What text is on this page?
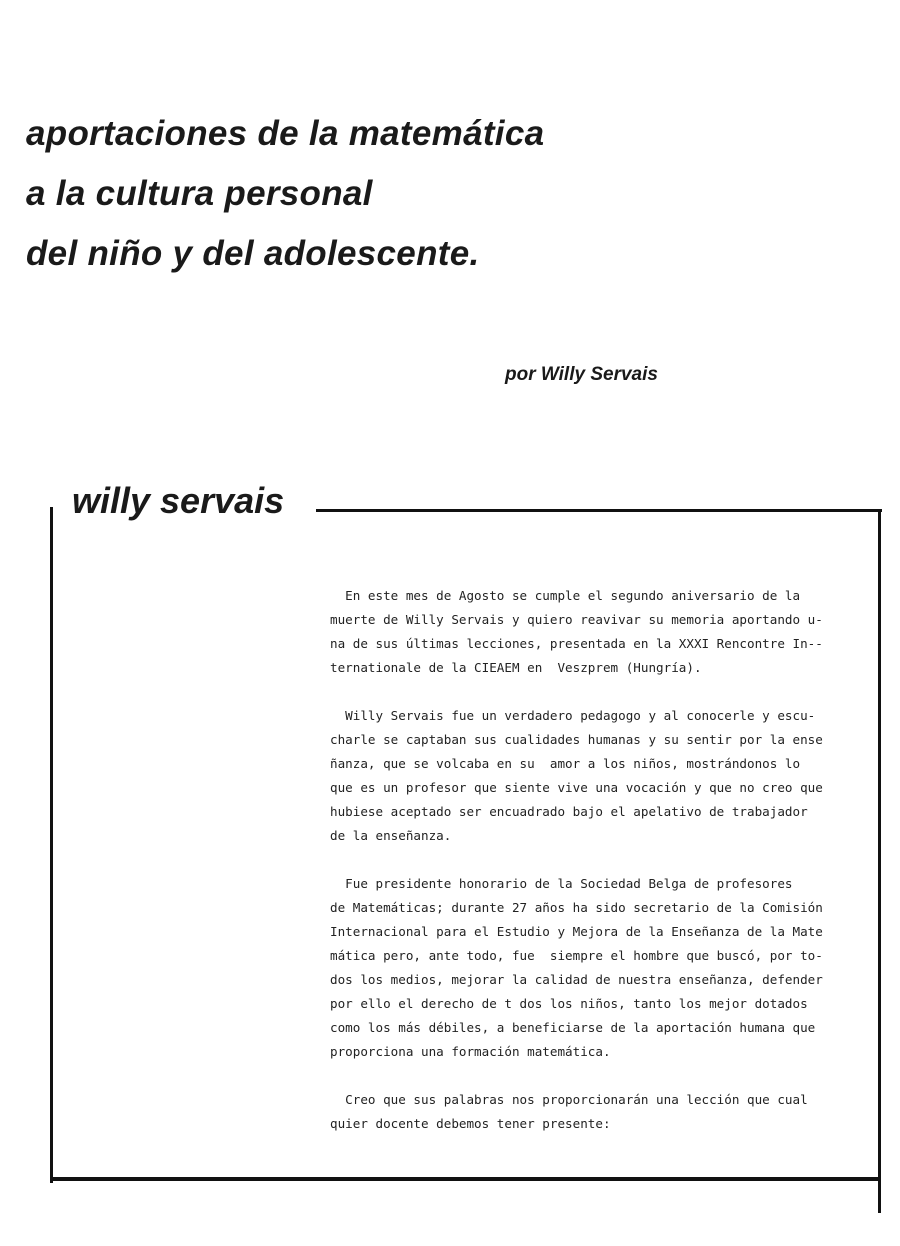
aportaciones de la matemática

a la cultura personal

del niño y del adolescente.

por Willy Servais
willy servais
En este mes de Agosto se cumple el segundo aniversario de la
muerte de Willy Servais y quiero reavivar su memoria aportando u-
na de sus últimas lecciones, presentada en la XXXI Rencontre In--
ternationale de la CIEAEM en  Veszprem (Hungría).
Willy Servais fue un verdadero pedagogo y al conocerle y escu-
charle se captaban sus cualidades humanas y su sentir por la ense
ñanza, que se volcaba en su  amor a los niños, mostrándonos lo
que es un profesor que siente vive una vocación y que no creo que
hubiese aceptado ser encuadrado bajo el apelativo de trabajador
de la enseñanza.
Fue presidente honorario de la Sociedad Belga de profesores
de Matemáticas; durante 27 años ha sido secretario de la Comisión
Internacional para el Estudio y Mejora de la Enseñanza de la Mate
mática pero, ante todo, fue  siempre el hombre que buscó, por to-
dos los medios, mejorar la calidad de nuestra enseñanza, defender
por ello el derecho de t dos los niños, tanto los mejor dotados
como los más débiles, a beneficiarse de la aportación humana que
proporciona una formación matemática.
Creo que sus palabras nos proporcionarán una lección que cual
quier docente debemos tener presente:
